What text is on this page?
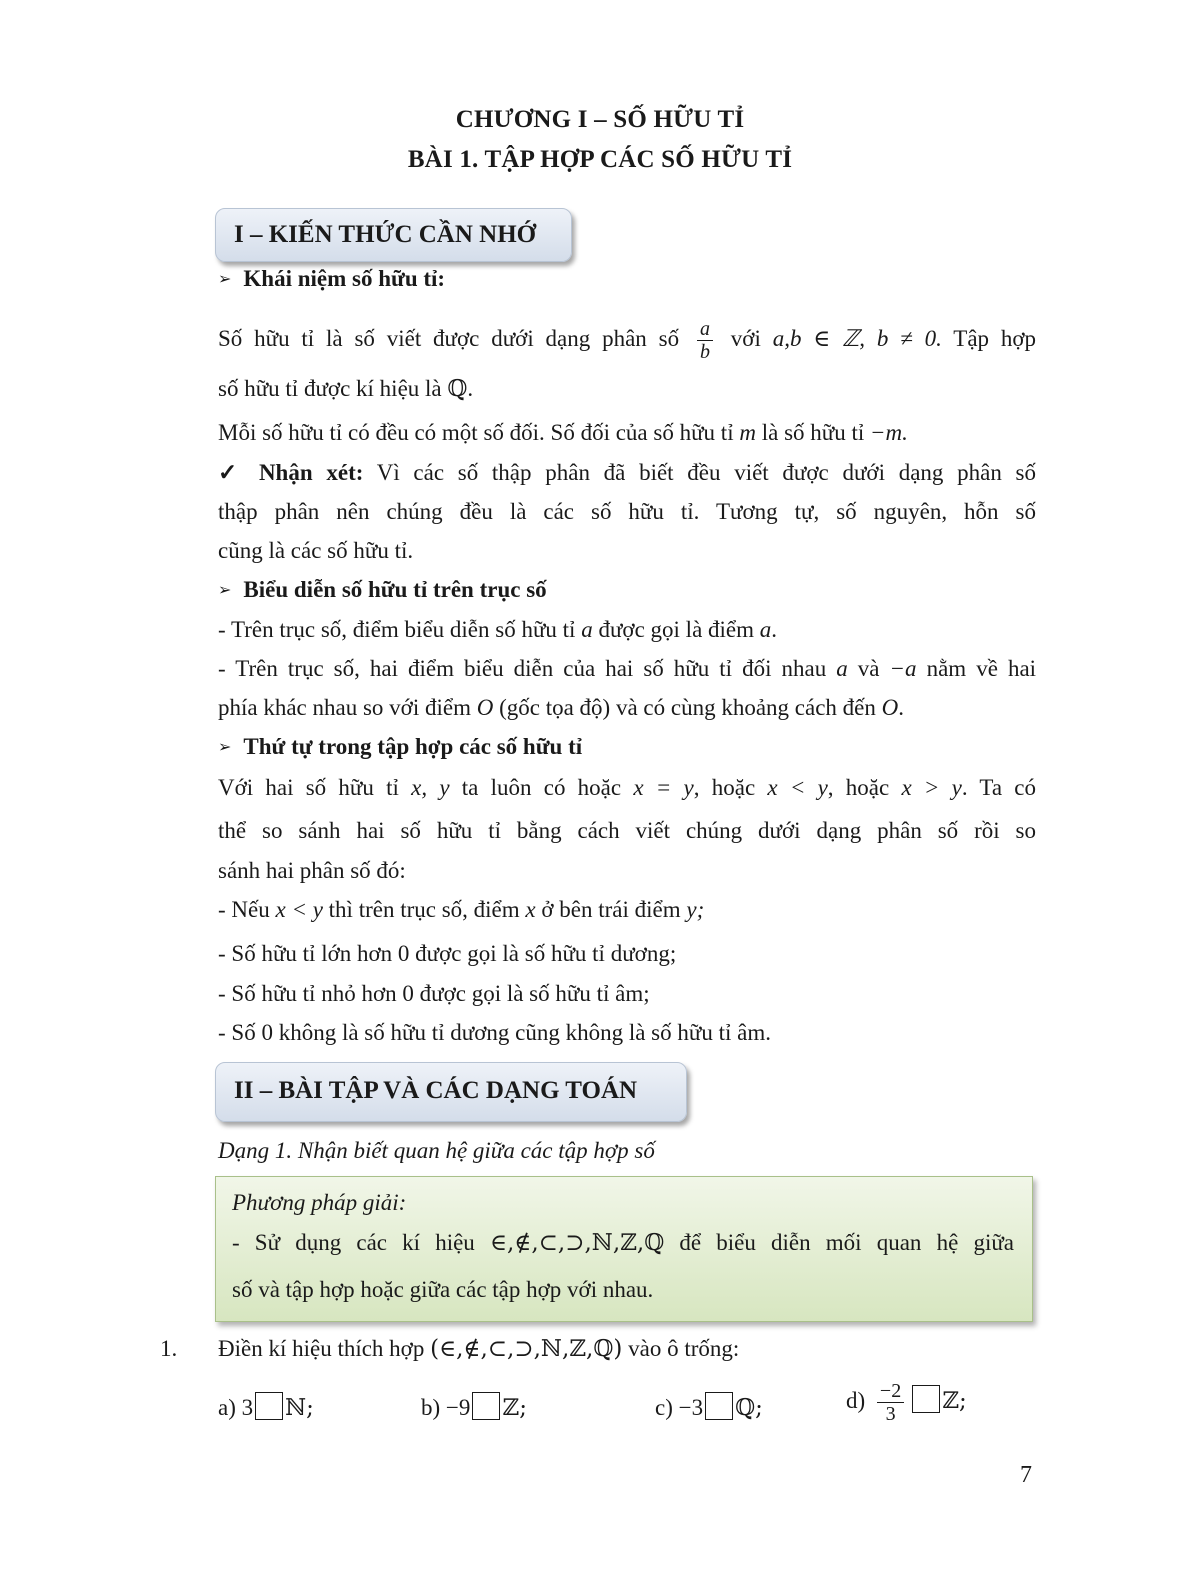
CHƯƠNG I – SỐ HỮU TỈ
BÀI 1. TẬP HỢP CÁC SỐ HỮU TỈ
I – KIẾN THỨC CẦN NHỚ
➢ Khái niệm số hữu tỉ:
Số hữu tỉ là số viết được dưới dạng phân số $\frac{a}{b}$ với a,b ∈ ℤ, b ≠ 0. Tập hợp
số hữu tỉ được kí hiệu là ℚ.
Mỗi số hữu tỉ có đều có một số đối. Số đối của số hữu tỉ m là số hữu tỉ −m.
✓ Nhận xét: Vì các số thập phân đã biết đều viết được dưới dạng phân số
thập phân nên chúng đều là các số hữu tỉ. Tương tự, số nguyên, hỗn số
cũng là các số hữu tỉ.
➢ Biểu diễn số hữu tỉ trên trục số
- Trên trục số, điểm biểu diễn số hữu tỉ a được gọi là điểm a.
- Trên trục số, hai điểm biểu diễn của hai số hữu tỉ đối nhau a và −a nằm về hai
phía khác nhau so với điểm O (gốc tọa độ) và có cùng khoảng cách đến O.
➢ Thứ tự trong tập hợp các số hữu tỉ
Với hai số hữu tỉ x, y ta luôn có hoặc x = y, hoặc x < y, hoặc x > y. Ta có
thể so sánh hai số hữu tỉ bằng cách viết chúng dưới dạng phân số rồi so
sánh hai phân số đó:
- Nếu x < y thì trên trục số, điểm x ở bên trái điểm y;
- Số hữu tỉ lớn hơn 0 được gọi là số hữu tỉ dương;
- Số hữu tỉ nhỏ hơn 0 được gọi là số hữu tỉ âm;
- Số 0 không là số hữu tỉ dương cũng không là số hữu tỉ âm.
II – BÀI TẬP VÀ CÁC DẠNG TOÁN
Dạng 1. Nhận biết quan hệ giữa các tập hợp số
Phương pháp giải:
- Sử dụng các kí hiệu ∈,∉,⊂,⊃,ℕ,ℤ,ℚ để biểu diễn mối quan hệ giữa
số và tập hợp hoặc giữa các tập hợp với nhau.
1.	Điền kí hiệu thích hợp (∈,∉,⊂,⊃,ℕ,ℤ,ℚ) vào ô trống:
a) 3 ℕ;	b) −9 ℤ;	c) −3 ℚ;	$d) \frac{-2}{3}$ ℤ;
7
